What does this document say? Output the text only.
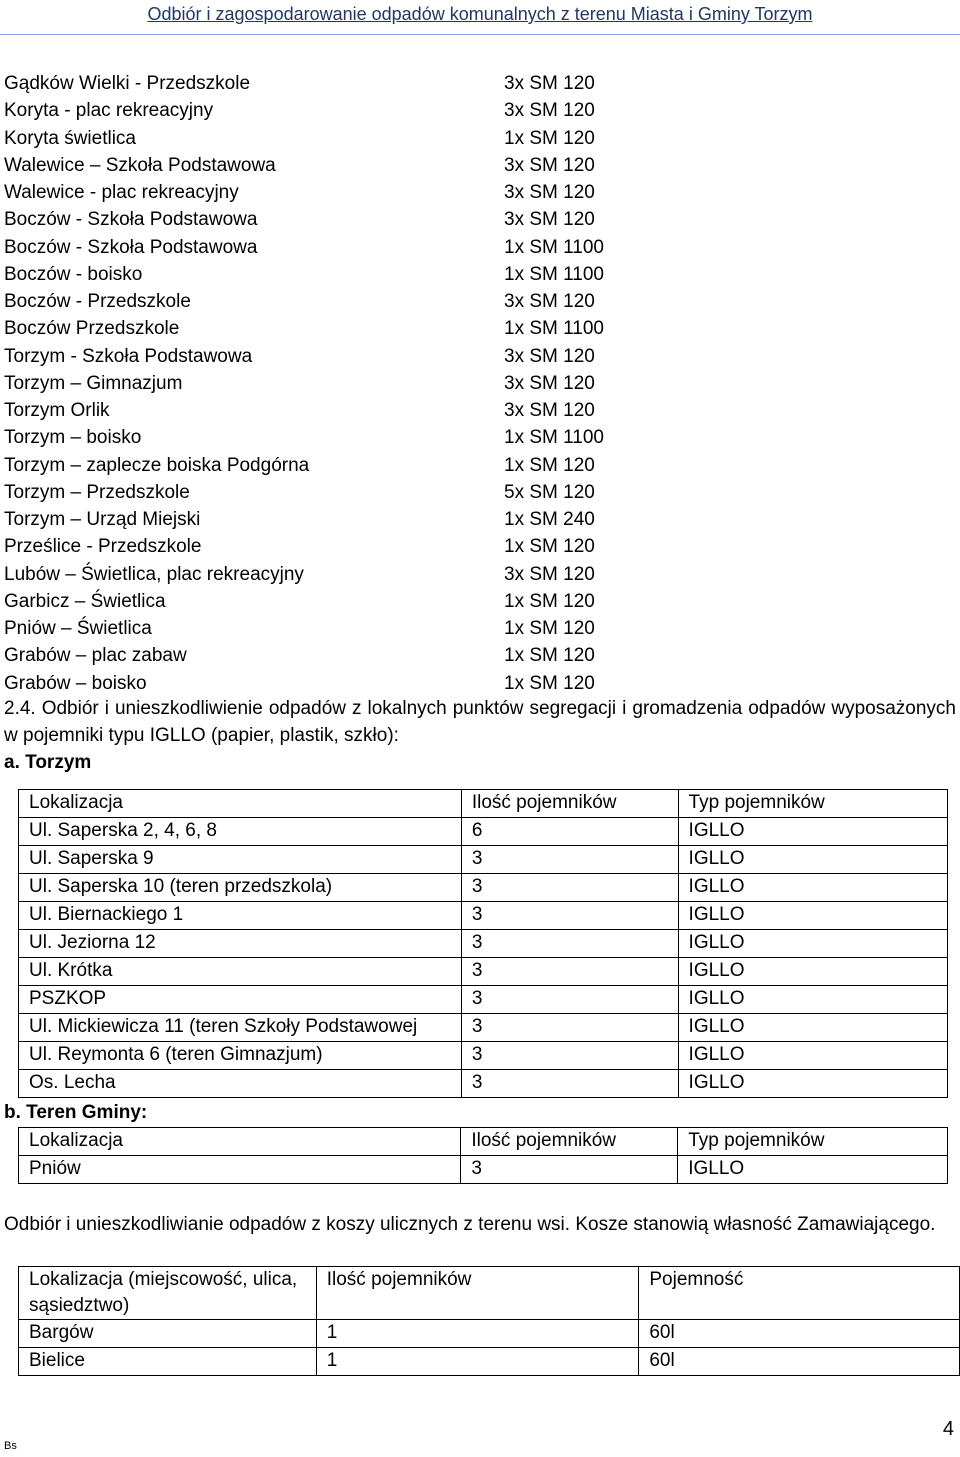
Odbiór i zagospodarowanie odpadów komunalnych z terenu Miasta i Gminy Torzym
Gądków Wielki - Przedszkole	3x SM 120
Koryta - plac rekreacyjny	3x SM 120
Koryta świetlica	1x SM 120
Walewice – Szkoła Podstawowa	3x SM 120
Walewice - plac rekreacyjny	3x SM 120
Boczów - Szkoła Podstawowa	3x SM 120
Boczów - Szkoła Podstawowa	1x SM 1100
Boczów - boisko	1x SM 1100
Boczów - Przedszkole	3x SM 120
Boczów Przedszkole	1x SM 1100
Torzym - Szkoła Podstawowa	3x SM 120
Torzym – Gimnazjum	3x SM 120
Torzym Orlik	3x SM 120
Torzym – boisko	1x SM 1100
Torzym – zaplecze boiska Podgórna	1x SM 120
Torzym – Przedszkole	5x SM 120
Torzym – Urząd Miejski	1x SM 240
Prześlice - Przedszkole	1x SM 120
Lubów – Świetlica, plac rekreacyjny	3x SM 120
Garbicz – Świetlica	1x SM 120
Pniów – Świetlica	1x SM 120
Grabów – plac zabaw	1x SM 120
Grabów – boisko	1x SM 120
2.4. Odbiór i unieszkodliwienie odpadów z lokalnych punktów segregacji i gromadzenia odpadów wyposażonych w pojemniki typu IGLLO (papier, plastik, szkło):
a. Torzym
Lokalizacja	Ilość pojemników	Typ pojemników
Ul. Saperska 2, 4, 6, 8	6	IGLLO
Ul. Saperska 9	3	IGLLO
Ul. Saperska 10 (teren przedszkola)	3	IGLLO
Ul. Biernackiego 1	3	IGLLO
Ul. Jeziorna 12	3	IGLLO
Ul. Krótka	3	IGLLO
PSZKOP	3	IGLLO
Ul. Mickiewicza 11 (teren Szkoły Podstawowej	3	IGLLO
Ul. Reymonta 6 (teren Gimnazjum)	3	IGLLO
Os. Lecha	3	IGLLO
b. Teren Gminy:
Lokalizacja	Ilość pojemników	Typ pojemników
Pniów	3	IGLLO
Odbiór i unieszkodliwianie odpadów z koszy ulicznych z terenu wsi. Kosze stanowią własność Zamawiającego.
Lokalizacja (miejscowość, ulica, sąsiedztwo)	Ilość pojemników	Pojemność
Bargów	1	60l
Bielice	1	60l
Bs
4
